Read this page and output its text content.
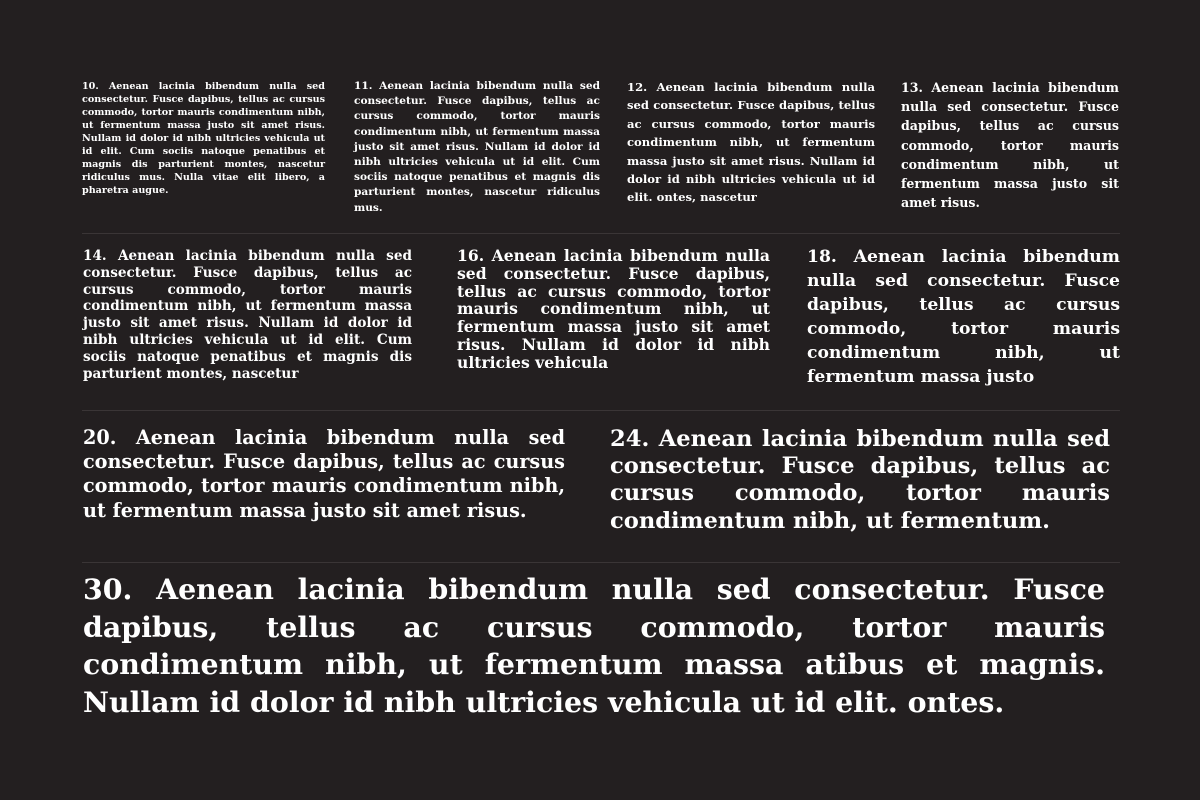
10. Aenean lacinia bibendum nulla sed consectetur. Fusce dapibus, tellus ac cursus commodo, tortor mauris condimentum nibh, ut fermentum massa justo sit amet risus. Nullam id dolor id nibh ultricies vehicula ut id elit. Cum sociis natoque penatibus et magnis dis parturient montes, nascetur ridiculus mus. Nulla vitae elit libero, a pharetra augue.

11. Aenean lacinia bibendum nulla sed consectetur. Fusce dapibus, tellus ac cursus commodo, tortor mauris condimentum nibh, ut fermentum massa justo sit amet risus. Nullam id dolor id nibh ultricies vehicula ut id elit. Cum sociis natoque penatibus et magnis dis parturient montes, nascetur ridiculus mus.

12. Aenean lacinia bibendum nulla sed consectetur. Fusce dapibus, tellus ac cursus commodo, tortor mauris condimentum nibh, ut fermentum massa justo sit amet risus. Nullam id dolor id nibh ultricies vehicula ut id elit. ontes, nascetur

13. Aenean lacinia bibendum nulla sed consectetur. Fusce dapibus, tellus ac cursus commodo, tortor mauris condimentum nibh, ut fermentum massa justo sit amet risus.

14. Aenean lacinia bibendum nulla sed consectetur. Fusce dapibus, tellus ac cursus commodo, tortor mauris condimentum nibh, ut fermentum massa justo sit amet risus. Nullam id dolor id nibh ultricies vehicula ut id elit. Cum sociis natoque penatibus et magnis dis parturient montes, nascetur

16. Aenean lacinia bibendum nulla sed consectetur. Fusce dapibus, tellus ac cursus commodo, tortor mauris condimentum nibh, ut fermentum massa justo sit amet risus. Nullam id dolor id nibh ultricies vehicula

18. Aenean lacinia bibendum nulla sed consectetur. Fusce dapibus, tellus ac cursus commodo, tortor mauris condimentum nibh, ut fermentum massa justo

20. Aenean lacinia bibendum nulla sed consectetur. Fusce dapibus, tellus ac cursus commodo, tortor mauris condimentum nibh, ut fermentum massa justo sit amet risus.

24. Aenean lacinia bibendum nulla sed consectetur. Fusce dapibus, tellus ac cursus commodo, tortor mauris condimentum nibh, ut fermentum.

30. Aenean lacinia bibendum nulla sed consectetur. Fusce dapibus, tellus ac cursus commodo, tortor mauris condimentum nibh, ut fermentum massa atibus et magnis. Nullam id dolor id nibh ultricies vehicula ut id elit. ontes.
